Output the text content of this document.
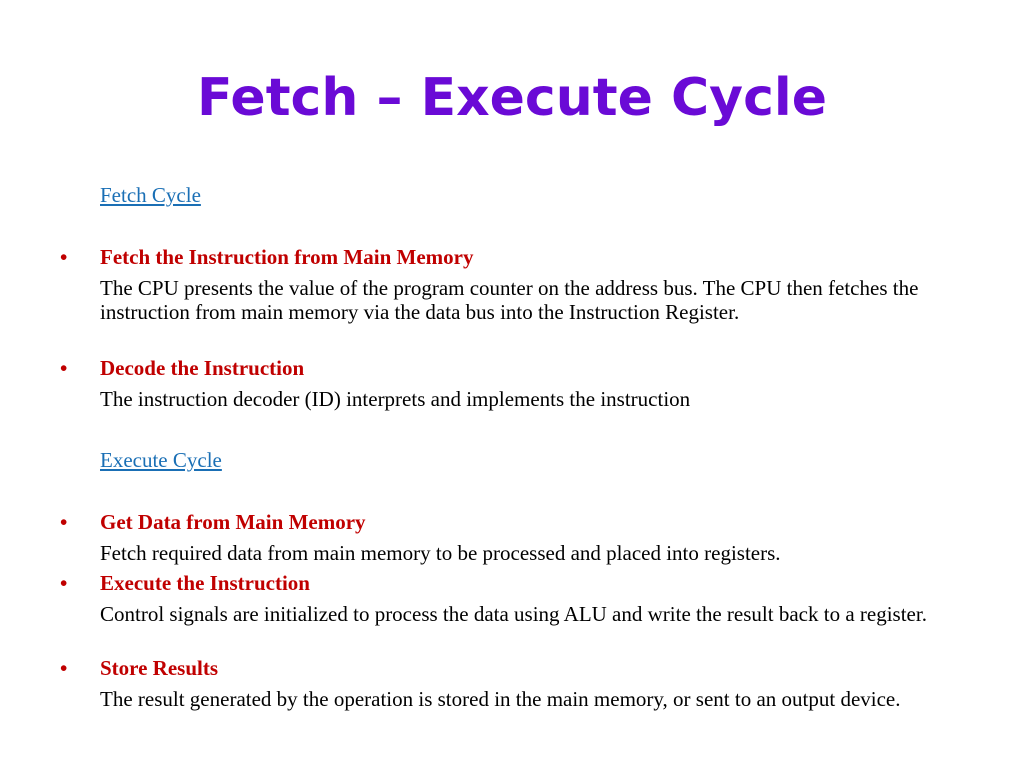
Fetch – Execute Cycle
Fetch Cycle
• Fetch the Instruction from Main Memory
The CPU presents the value of the program counter on the address bus. The CPU then fetches the instruction from main memory via the data bus into the Instruction Register.
• Decode the Instruction
The instruction decoder (ID) interprets and implements the instruction
Execute Cycle
• Get Data from Main Memory
Fetch required data from main memory to be processed and placed into registers.
• Execute the Instruction
Control signals are initialized to process the data using ALU and write the result back to a register.
• Store Results
The result generated by the operation is stored in the main memory, or sent to an output device.
